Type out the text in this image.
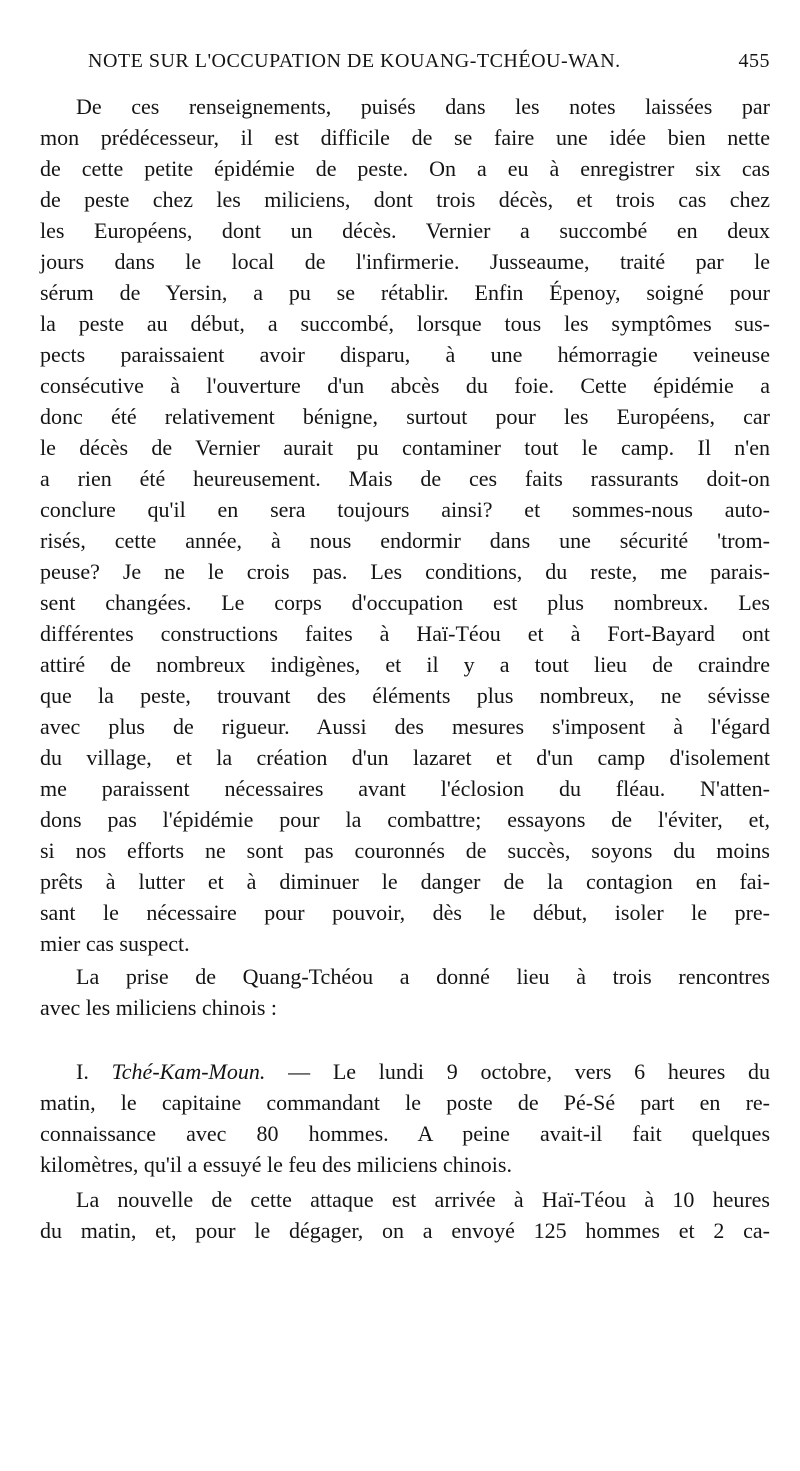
NOTE SUR L'OCCUPATION DE KOUANG-TCHÉOU-WAN.	455
De ces renseignements, puisés dans les notes laissées par
mon prédécesseur, il est difficile de se faire une idée bien nette
de cette petite épidémie de peste. On a eu à enregistrer six cas
de peste chez les miliciens, dont trois décès, et trois cas chez
les Européens, dont un décès. Vernier a succombé en deux
jours dans le local de l'infirmerie. Jusseaume, traité par le
sérum de Yersin, a pu se rétablir. Enfin Épenoy, soigné pour
la peste au début, a succombé, lorsque tous les symptômes sus-
pects paraissaient avoir disparu, à une hémorragie veineuse
consécutive à l'ouverture d'un abcès du foie. Cette épidémie a
donc été relativement bénigne, surtout pour les Européens, car
le décès de Vernier aurait pu contaminer tout le camp. Il n'en
a rien été heureusement. Mais de ces faits rassurants doit-on
conclure qu'il en sera toujours ainsi? et sommes-nous auto-
risés, cette année, à nous endormir dans une sécurité 'trom-
peuse? Je ne le crois pas. Les conditions, du reste, me parais-
sent changées. Le corps d'occupation est plus nombreux. Les
différentes constructions faites à Haï-Téou et à Fort-Bayard ont
attiré de nombreux indigènes, et il y a tout lieu de craindre
que la peste, trouvant des éléments plus nombreux, ne sévisse
avec plus de rigueur. Aussi des mesures s'imposent à l'égard
du village, et la création d'un lazaret et d'un camp d'isolement
me paraissent nécessaires avant l'éclosion du fléau. N'atten-
dons pas l'épidémie pour la combattre; essayons de l'éviter, et,
si nos efforts ne sont pas couronnés de succès, soyons du moins
prêts à lutter et à diminuer le danger de la contagion en fai-
sant le nécessaire pour pouvoir, dès le début, isoler le pre-
mier cas suspect.
La prise de Quang-Tchéou a donné lieu à trois rencontres
avec les miliciens chinois :
I. Tché-Kam-Moun. — Le lundi 9 octobre, vers 6 heures du
matin, le capitaine commandant le poste de Pé-Sé part en re-
connaissance avec 80 hommes. A peine avait-il fait quelques
kilomètres, qu'il a essuyé le feu des miliciens chinois.
La nouvelle de cette attaque est arrivée à Haï-Téou à 10 heures
du matin, et, pour le dégager, on a envoyé 125 hommes et 2 ca-
